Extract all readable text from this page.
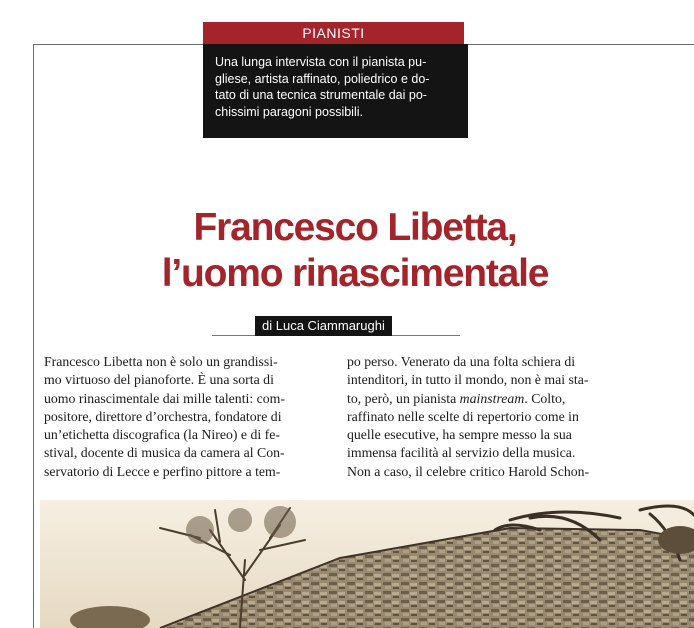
PIANISTI
Una lunga intervista con il pianista pu-
gliese, artista raffinato, poliedrico e do-
tato di una tecnica strumentale dai po-
chissimi paragoni possibili.
Francesco Libetta,
l’uomo rinascimentale
di Luca Ciammarughi
Francesco Libetta non è solo un grandissi-
mo virtuoso del pianoforte. È una sorta di
uomo rinascimentale dai mille talenti: com-
positore, direttore d’orchestra, fondatore di
un’etichetta discografica (la Nireo) e di fe-
stival, docente di musica da camera al Con-
servatorio di Lecce e perfino pittore a tem-
po perso. Venerato da una folta schiera di
intenditori, in tutto il mondo, non è mai sta-
to, però, un pianista mainstream. Colto,
raffinato nelle scelte di repertorio come in
quelle esecutive, ha sempre messo la sua
immensa facilità al servizio della musica.
Non a caso, il celebre critico Harold Schon-
